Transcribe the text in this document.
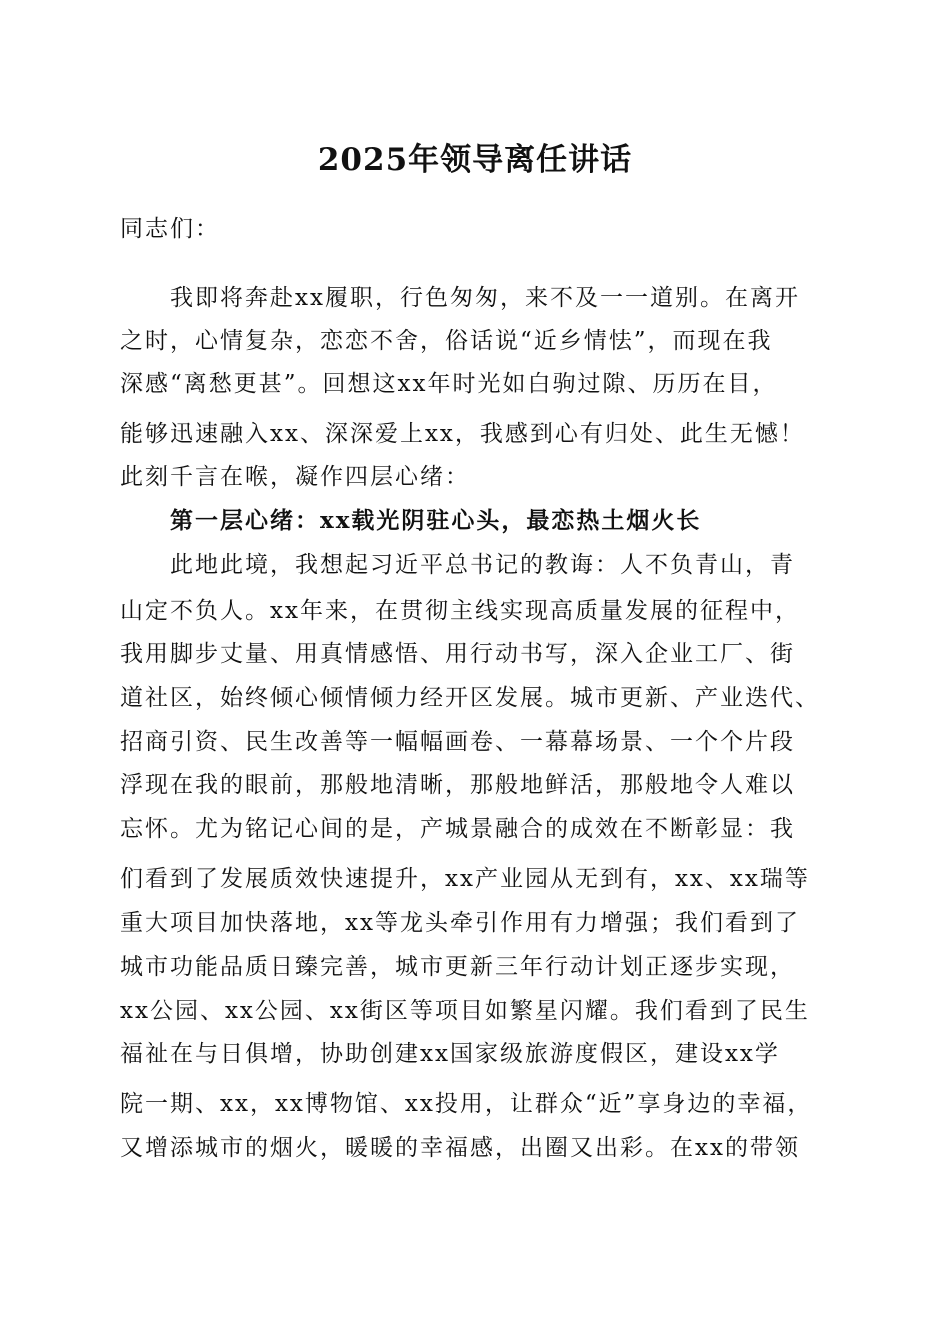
2025年领导离任讲话
同志们：
我即将奔赴xx履职，行色匆匆，来不及一一道别。在离开
之时，心情复杂，恋恋不舍，俗话说“近乡情怯”，而现在我
深感“离愁更甚”。回想这xx年时光如白驹过隙、历历在目，
能够迅速融入xx、深深爱上xx，我感到心有归处、此生无憾！
此刻千言在喉，凝作四层心绪：
第一层心绪：xx载光阴驻心头，最恋热土烟火长
此地此境，我想起习近平总书记的教诲：人不负青山，青
山定不负人。xx年来，在贯彻主线实现高质量发展的征程中，
我用脚步丈量、用真情感悟、用行动书写，深入企业工厂、街
道社区，始终倾心倾情倾力经开区发展。城市更新、产业迭代、
招商引资、民生改善等一幅幅画卷、一幕幕场景、一个个片段
浮现在我的眼前，那般地清晰，那般地鲜活，那般地令人难以
忘怀。尤为铭记心间的是，产城景融合的成效在不断彰显：我
们看到了发展质效快速提升，xx产业园从无到有，xx、xx瑞等
重大项目加快落地，xx等龙头牵引作用有力增强；我们看到了
城市功能品质日臻完善，城市更新三年行动计划正逐步实现，
xx公园、xx公园、xx街区等项目如繁星闪耀。我们看到了民生
福祉在与日俱增，协助创建xx国家级旅游度假区，建设xx学
院一期、xx，xx博物馆、xx投用，让群众“近”享身边的幸福，
又增添城市的烟火，暖暖的幸福感，出圈又出彩。在xx的带领
